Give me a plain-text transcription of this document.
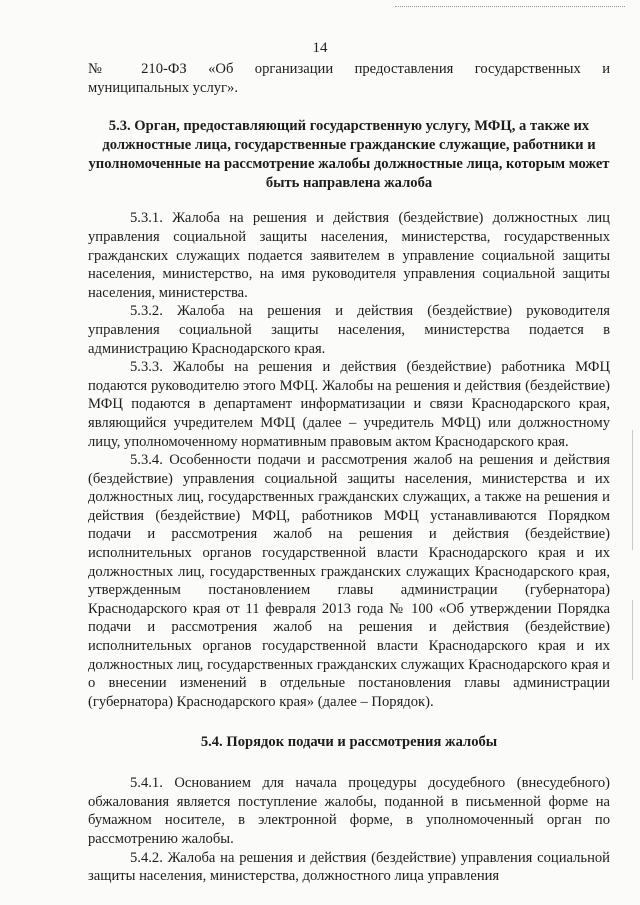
14

№ 210-ФЗ «Об организации предоставления государственных и

муниципальных услуг».

5.3. Орган, предоставляющий государственную услугу, МФЦ, а также их должностные лица, государственные гражданские служащие, работники и уполномоченные на рассмотрение жалобы должностные лица, которым может быть направлена жалоба

5.3.1. Жалоба на решения и действия (бездействие) должностных лиц управления социальной защиты населения, министерства, государственных гражданских служащих подается заявителем в управление социальной защиты населения, министерство, на имя руководителя управления социальной защиты населения, министерства.

5.3.2. Жалоба на решения и действия (бездействие) руководителя управления социальной защиты населения, министерства подается в администрацию Краснодарского края.

5.3.3. Жалобы на решения и действия (бездействие) работника МФЦ подаются руководителю этого МФЦ. Жалобы на решения и действия (бездействие) МФЦ подаются в департамент информатизации и связи Краснодарского края, являющийся учредителем МФЦ (далее – учредитель МФЦ) или должностному лицу, уполномоченному нормативным правовым актом Краснодарского края.

5.3.4. Особенности подачи и рассмотрения жалоб на решения и действия (бездействие) управления социальной защиты населения, министерства и их должностных лиц, государственных гражданских служащих, а также на решения и действия (бездействие) МФЦ, работников МФЦ устанавливаются Порядком подачи и рассмотрения жалоб на решения и действия (бездействие) исполнительных органов государственной власти Краснодарского края и их должностных лиц, государственных гражданских служащих Краснодарского края, утвержденным постановлением главы администрации (губернатора) Краснодарского края от 11 февраля 2013 года № 100 «Об утверждении Порядка подачи и рассмотрения жалоб на решения и действия (бездействие) исполнительных органов государственной власти Краснодарского края и их должностных лиц, государственных гражданских служащих Краснодарского края и о внесении изменений в отдельные постановления главы администрации (губернатора) Краснодарского края» (далее – Порядок).

5.4. Порядок подачи и рассмотрения жалобы

5.4.1. Основанием для начала процедуры досудебного (внесудебного) обжалования является поступление жалобы, поданной в письменной форме на бумажном носителе, в электронной форме, в уполномоченный орган по рассмотрению жалобы.

5.4.2. Жалоба на решения и действия (бездействие) управления социальной защиты населения, министерства, должностного лица управления
